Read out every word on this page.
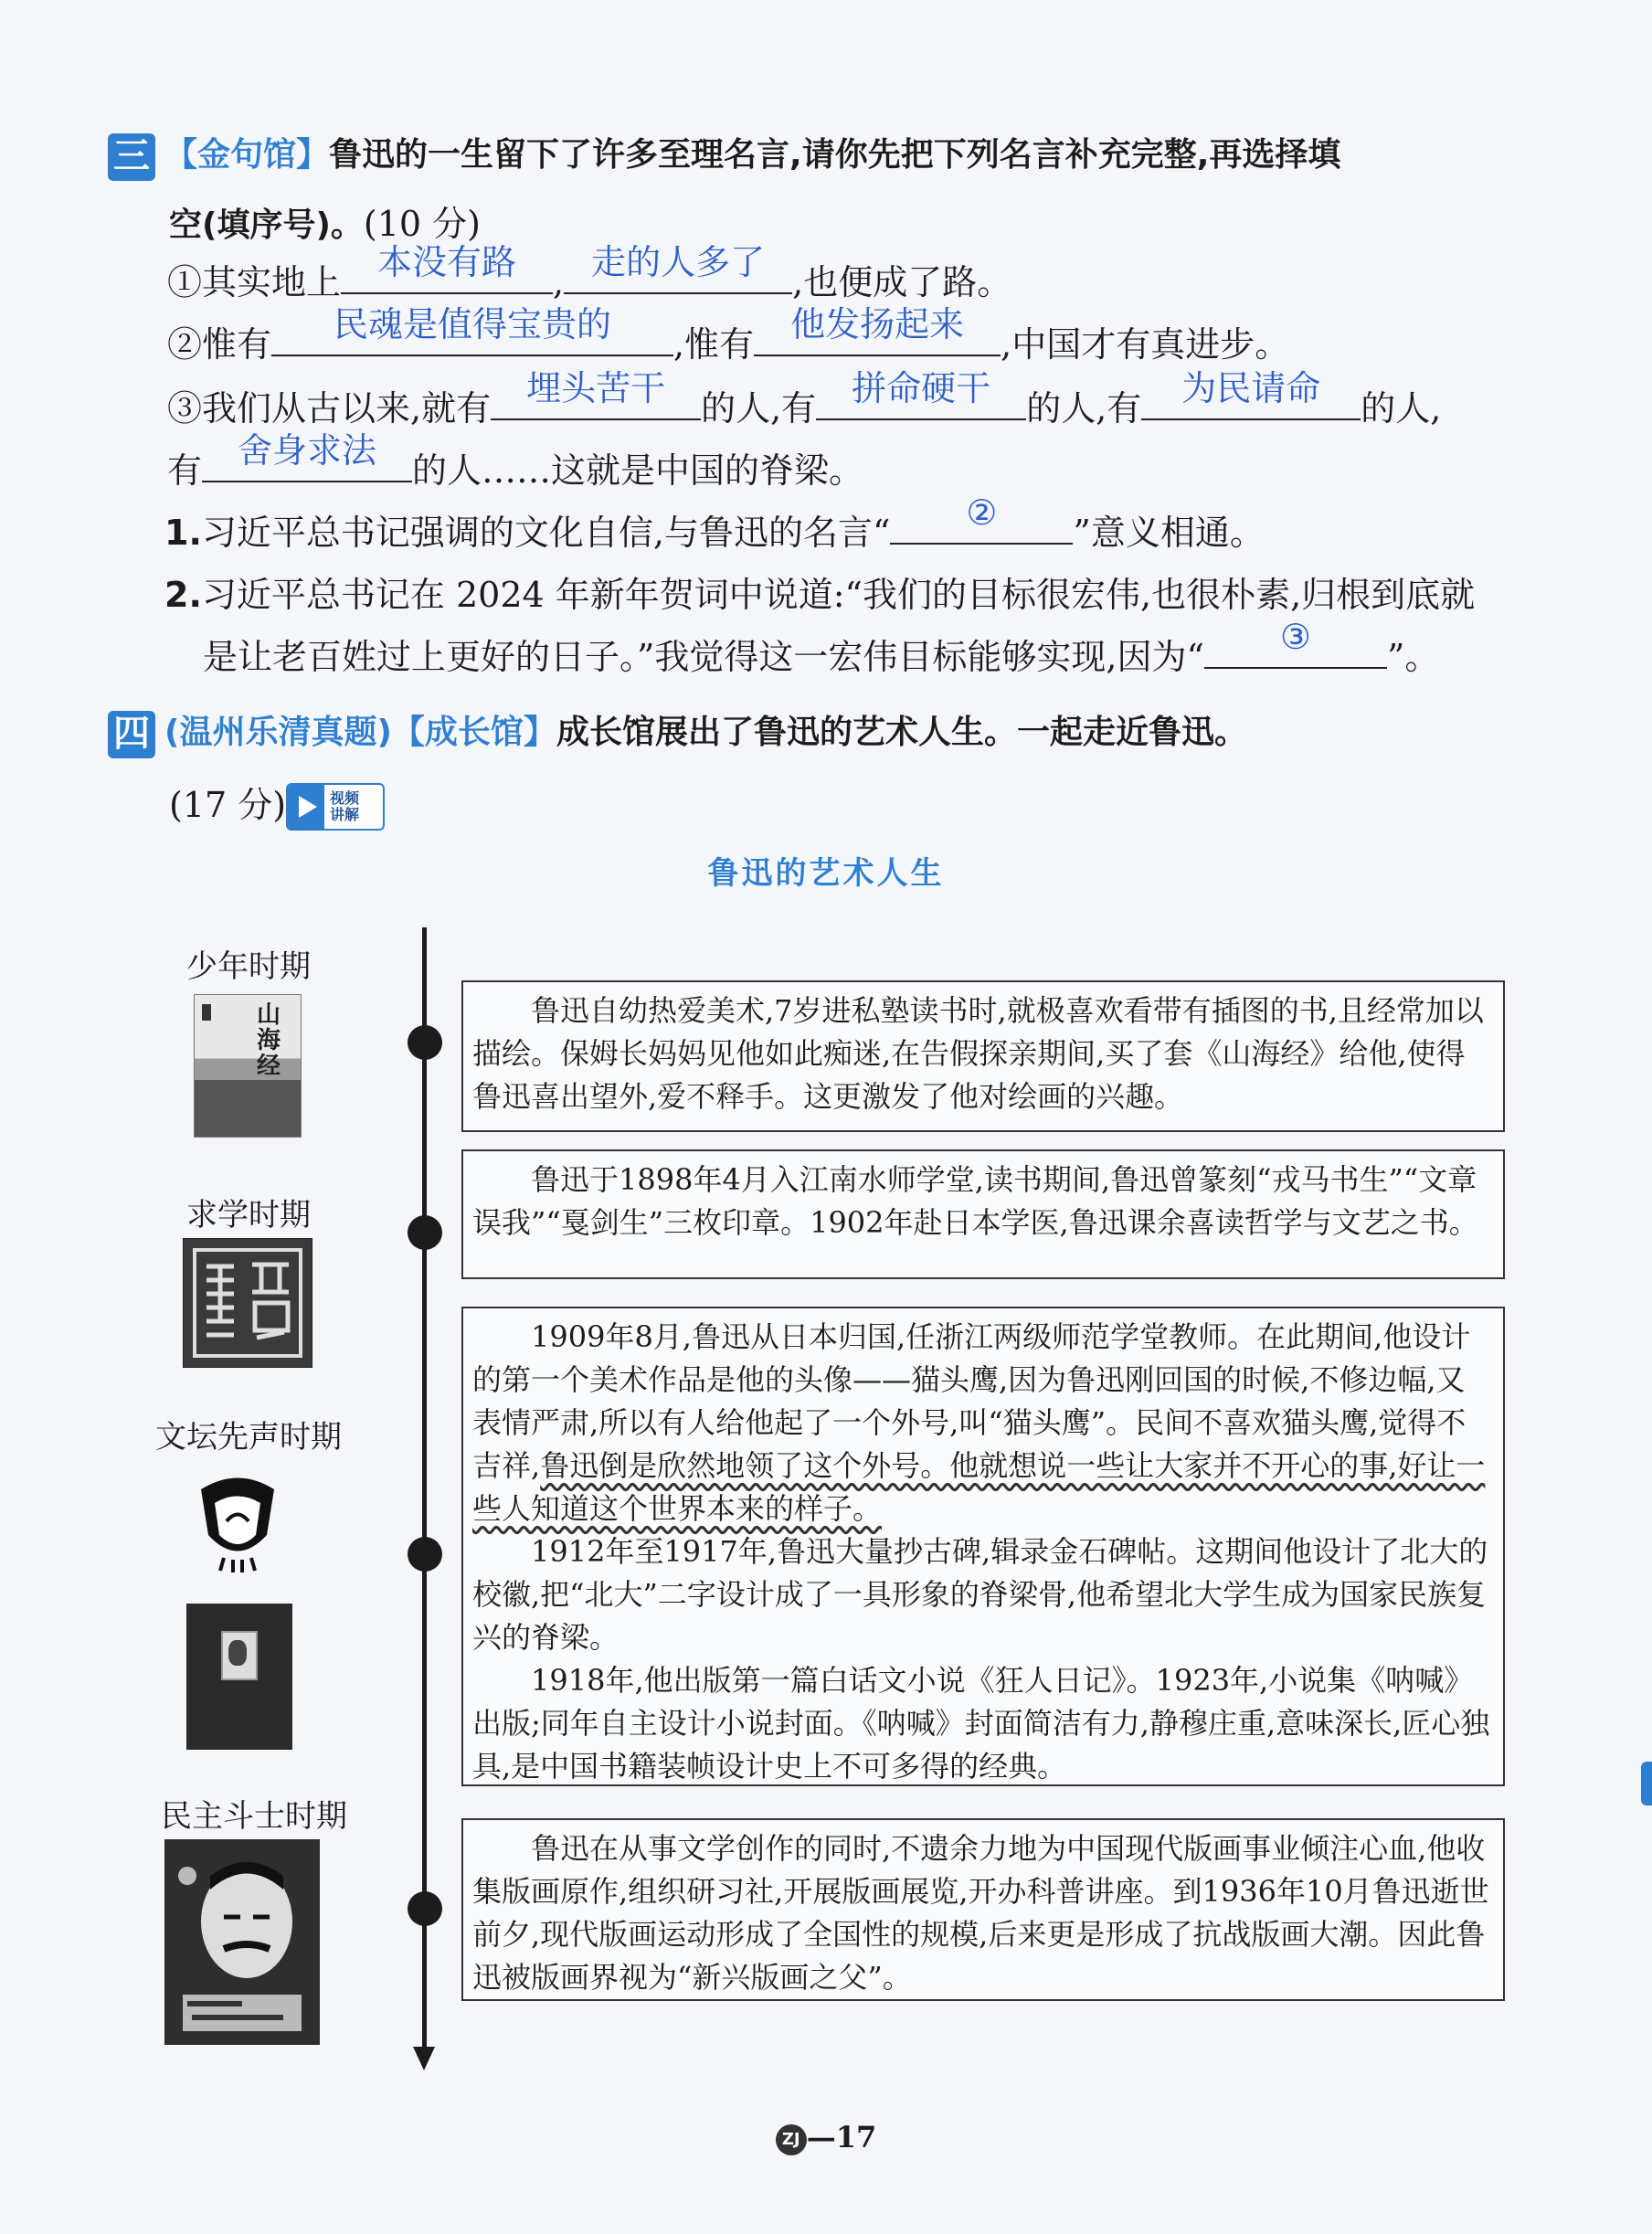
三 【金句馆】鲁迅的一生留下了许多至理名言,请你先把下列名言补充完整,再选择填
空(填序号)。(10 分)
①其实地上	本没有路	, 走的人多了 ,也便成了路。
②惟有	民魂是值得宝贵的	,惟有	他发扬起来	,中国才有真进步。
③我们从古以来,就有	埋头苦干	的人,有	拼命硬干	的人,有	为民请命	的人,
有	舍身求法	的人……这就是中国的脊梁。
1.习近平总书记强调的文化自信,与鲁迅的名言“	②	”意义相通。
2.习近平总书记在 2024 年新年贺词中说道:“我们的目标很宏伟,也很朴素,归根到底就
是让老百姓过上更好的日子。”我觉得这一宏伟目标能够实现,因为“	③	”。
四 (温州乐清真题)【成长馆】成长馆展出了鲁迅的艺术人生。一起走近鲁迅。
(17 分)	视频
讲解
鲁迅的艺术人生
少年时期
求学时期
文坛先声时期
民主斗士时期
山海经

鲁迅自幼热爱美术,7岁进私塾读书时,就极喜欢看带有插图的书,且经常加以描绘。保姆长妈妈见他如此痴迷,在告假探亲期间,买了套《山海经》给他,使得鲁迅喜出望外,爱不释手。这更激发了他对绘画的兴趣。

鲁迅于1898年4月入江南水师学堂,读书期间,鲁迅曾篆刻“戎马书生”“文章误我”“戛剑生”三枚印章。1902年赴日本学医,鲁迅课余喜读哲学与文艺之书。

1909年8月,鲁迅从日本归国,任浙江两级师范学堂教师。在此期间,他设计的第一个美术作品是他的头像——猫头鹰,因为鲁迅刚回国的时候,不修边幅,又表情严肃,所以有人给他起了一个外号,叫“猫头鹰”。民间不喜欢猫头鹰,觉得不吉祥,鲁迅倒是欣然地领了这个外号。他就想说一些让大家并不开心的事,好让一些人知道这个世界本来的样子。

1912年至1917年,鲁迅大量抄古碑,辑录金石碑帖。这期间他设计了北大的校徽,把“北大”二字设计成了一具形象的脊梁骨,他希望北大学生成为国家民族复兴的脊梁。

1918年,他出版第一篇白话文小说《狂人日记》。1923年,小说集《呐喊》出版;同年自主设计小说封面。《呐喊》封面简洁有力,静穆庄重,意味深长,匠心独具,是中国书籍装帧设计史上不可多得的经典。

鲁迅在从事文学创作的同时,不遗余力地为中国现代版画事业倾注心血,他收集版画原作,组织研习社,开展版画展览,开办科普讲座。到1936年10月鲁迅逝世前夕,现代版画运动形成了全国性的规模,后来更是形成了抗战版画大潮。因此鲁迅被版画界视为“新兴版画之父”。

ZJ —17
